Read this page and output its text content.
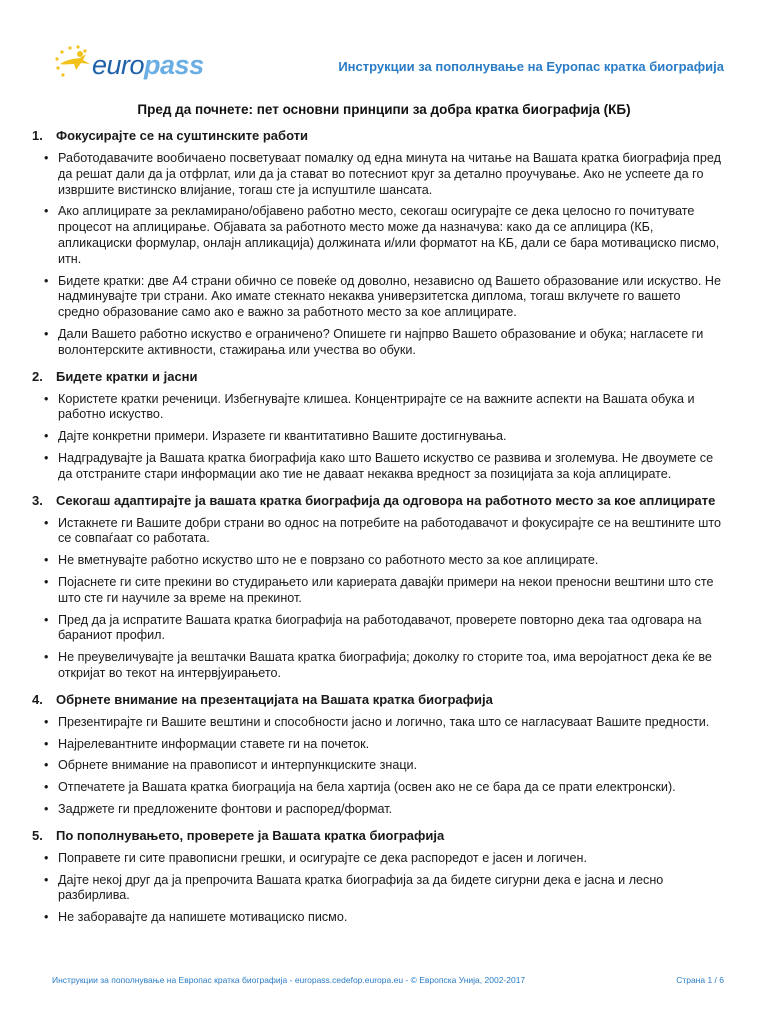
europass	Инструкции за пополнување на Еуропас кратка биографија
Пред да почнете: пет основни принципи за добра кратка биографија (КБ)
1.	Фокусирајте се на суштинските работи
• Работодавачите вообичаено посветуваат помалку од една минута на читање на Вашата кратка биографија пред да решат дали да ја отфрлат, или да ја стават во потесниот круг за детално проучување. Ако не успеете да го извршите вистинско влијание, тогаш сте ја испуштиле шансата.
• Ако аплицирате за рекламирано/објавено работно место, секогаш осигурајте се дека целосно го почитувате процесот на аплицирање. Објавата за работното место може да назначува: како да се аплицира (КБ, апликациски формулар, онлајн апликација) должината и/или форматот на КБ, дали се бара мотивациско писмо, итн.
• Бидете кратки: две А4 страни обично се повеќе од доволно, независно од Вашето образование или искуство. Не надминувајте три страни. Ако имате стекнато некаква универзитетска диплома, тогаш вклучете го вашето средно образование само ако е важно за работното место за кое аплицирате.
• Дали Вашето работно искуство е ограничено? Опишете ги најпрво Вашето образование и обука; нагласете ги волонтерските активности, стажирања или учества во обуки.
2.	Бидете кратки и јасни
• Користете кратки реченици. Избегнувајте клишеа. Концентрирајте се на важните аспекти на Вашата обука и работно искуство.
• Дајте конкретни примери. Изразете ги квантитативно Вашите достигнувања.
• Надградувајте ја Вашата кратка биографија како што Вашето искуство се развива и зголемува. Не двоумете се да отстраните стари информации ако тие не даваат некаква вредност за позицијата за која аплицирате.
3.	Секогаш адаптирајте ја вашата кратка биографија да одговора на работното место за кое аплицирате
• Истакнете ги Вашите добри страни во однос на потребите на работодавачот и фокусирајте се на вештините што се совпаѓаат со работата.
• Не вметнувајте работно искуство што не е поврзано со работното место за кое аплицирате.
• Појаснете ги сите прекини во студирањето или кариерата давајќи примери на некои преносни вештини што сте што сте ги научиле за време на прекинот.
• Пред да ја испратите Вашата кратка биографија на работодавачот, проверете повторно дека таа одговара на бараниот профил.
• Не преувеличувајте ја вештачки Вашата кратка биографија; доколку го сторите тоа, има веројатност дека ќе ве откријат во текот на интервјуирањето.
4.	Обрнете внимание на презентацијата на Вашата кратка биографија
• Презентирајте ги Вашите вештини и способности јасно и логично, така што се нагласуваат Вашите предности.
• Најрелевантните информации ставете ги на почеток.
• Обрнете внимание на правописот и интерпункциските знаци.
• Отпечатете ја Вашата кратка биограција на бела хартија (освен ако не се бара да се прати електронски).
• Задржете ги предложените фонтови и распоред/формат.
5.	По пополнувањето, проверете ја Вашата кратка биографија
• Поправете ги сите правописни грешки, и осигурајте се дека распоредот е јасен и логичен.
• Дајте некој друг да ја препрочита Вашата кратка биографија за да бидете сигурни дека е јасна и лесно разбирлива.
• Не заборавајте да напишете мотивациско писмо.
Инструкции за пополнување на Европас кратка биографија - europass.cedefop.europa.eu - © Европска Унија, 2002-2017	Страна 1 / 6
